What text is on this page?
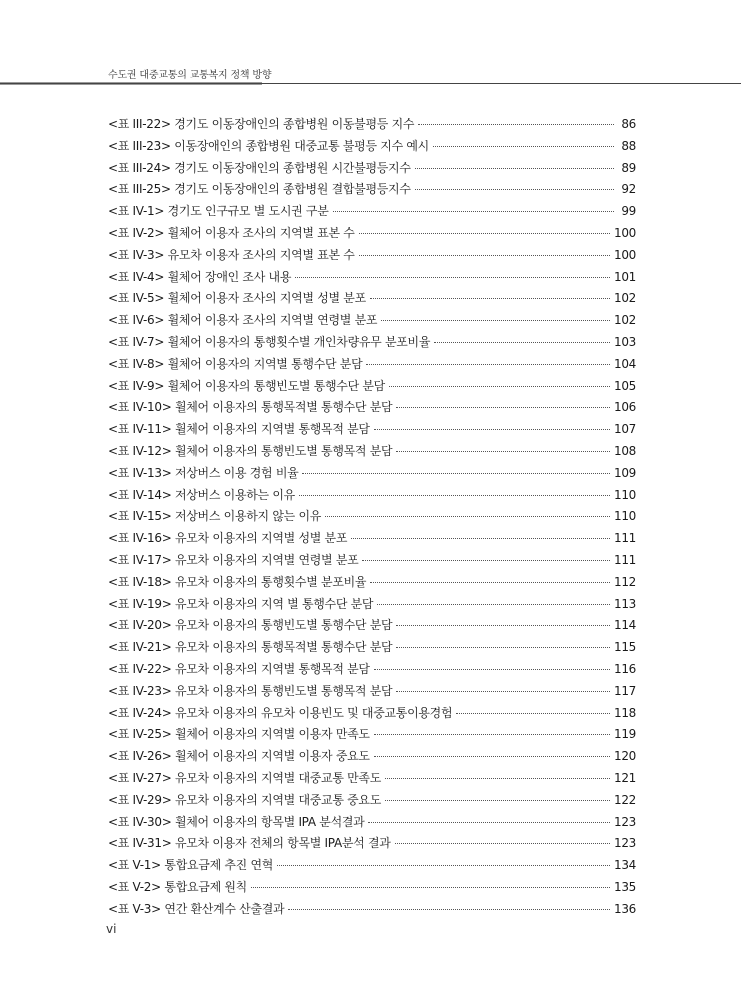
수도권 대중교통의 교통복지 정책 방향
<표 III-22> 경기도 이동장애인의 종합병원 이동불평등 지수	86
<표 III-23> 이동장애인의 종합병원 대중교통 불평등 지수 예시	88
<표 III-24> 경기도 이동장애인의 종합병원 시간불평등지수	89
<표 III-25> 경기도 이동장애인의 종합병원 결합불평등지수	92
<표 IV-1> 경기도 인구규모 별 도시권 구분	99
<표 IV-2> 휠체어 이용자 조사의 지역별 표본 수	100
<표 IV-3> 유모차 이용자 조사의 지역별 표본 수	100
<표 IV-4> 휠체어 장애인 조사 내용	101
<표 IV-5> 휠체어 이용자 조사의 지역별 성별 분포	102
<표 IV-6> 휠체어 이용자 조사의 지역별 연령별 분포	102
<표 IV-7> 휠체어 이용자의 통행횟수별 개인차량유무 분포비율	103
<표 IV-8> 휠체어 이용자의 지역별 통행수단 분담	104
<표 IV-9> 휠체어 이용자의 통행빈도별 통행수단 분담	105
<표 IV-10> 휠체어 이용자의 통행목적별 통행수단 분담	106
<표 IV-11> 휠체어 이용자의 지역별 통행목적 분담	107
<표 IV-12> 휠체어 이용자의 통행빈도별 통행목적 분담	108
<표 IV-13> 저상버스 이용 경험 비율	109
<표 IV-14> 저상버스 이용하는 이유	110
<표 IV-15> 저상버스 이용하지 않는 이유	110
<표 IV-16> 유모차 이용자의 지역별 성별 분포	111
<표 IV-17> 유모차 이용자의 지역별 연령별 분포	111
<표 IV-18> 유모차 이용자의 통행횟수별 분포비율	112
<표 IV-19> 유모차 이용자의 지역 별 통행수단 분담	113
<표 IV-20> 유모차 이용자의 통행빈도별 통행수단 분담	114
<표 IV-21> 유모차 이용자의 통행목적별 통행수단 분담	115
<표 IV-22> 유모차 이용자의 지역별 통행목적 분담	116
<표 IV-23> 유모차 이용자의 통행빈도별 통행목적 분담	117
<표 IV-24> 유모차 이용자의 유모차 이용빈도 및 대중교통이용경험	118
<표 IV-25> 휠체어 이용자의 지역별 이용자 만족도	119
<표 IV-26> 휠체어 이용자의 지역별 이용자 중요도	120
<표 IV-27> 유모차 이용자의 지역별 대중교통 만족도	121
<표 IV-29> 유모차 이용자의 지역별 대중교통 중요도	122
<표 IV-30> 휠체어 이용자의 항목별 IPA 분석결과	123
<표 IV-31> 유모차 이용자 전체의 항목별 IPA분석 결과	123
<표 V-1> 통합요금제 추진 연혁	134
<표 V-2> 통합요금제 원칙	135
<표 V-3> 연간 환산계수 산출결과	136
vi
